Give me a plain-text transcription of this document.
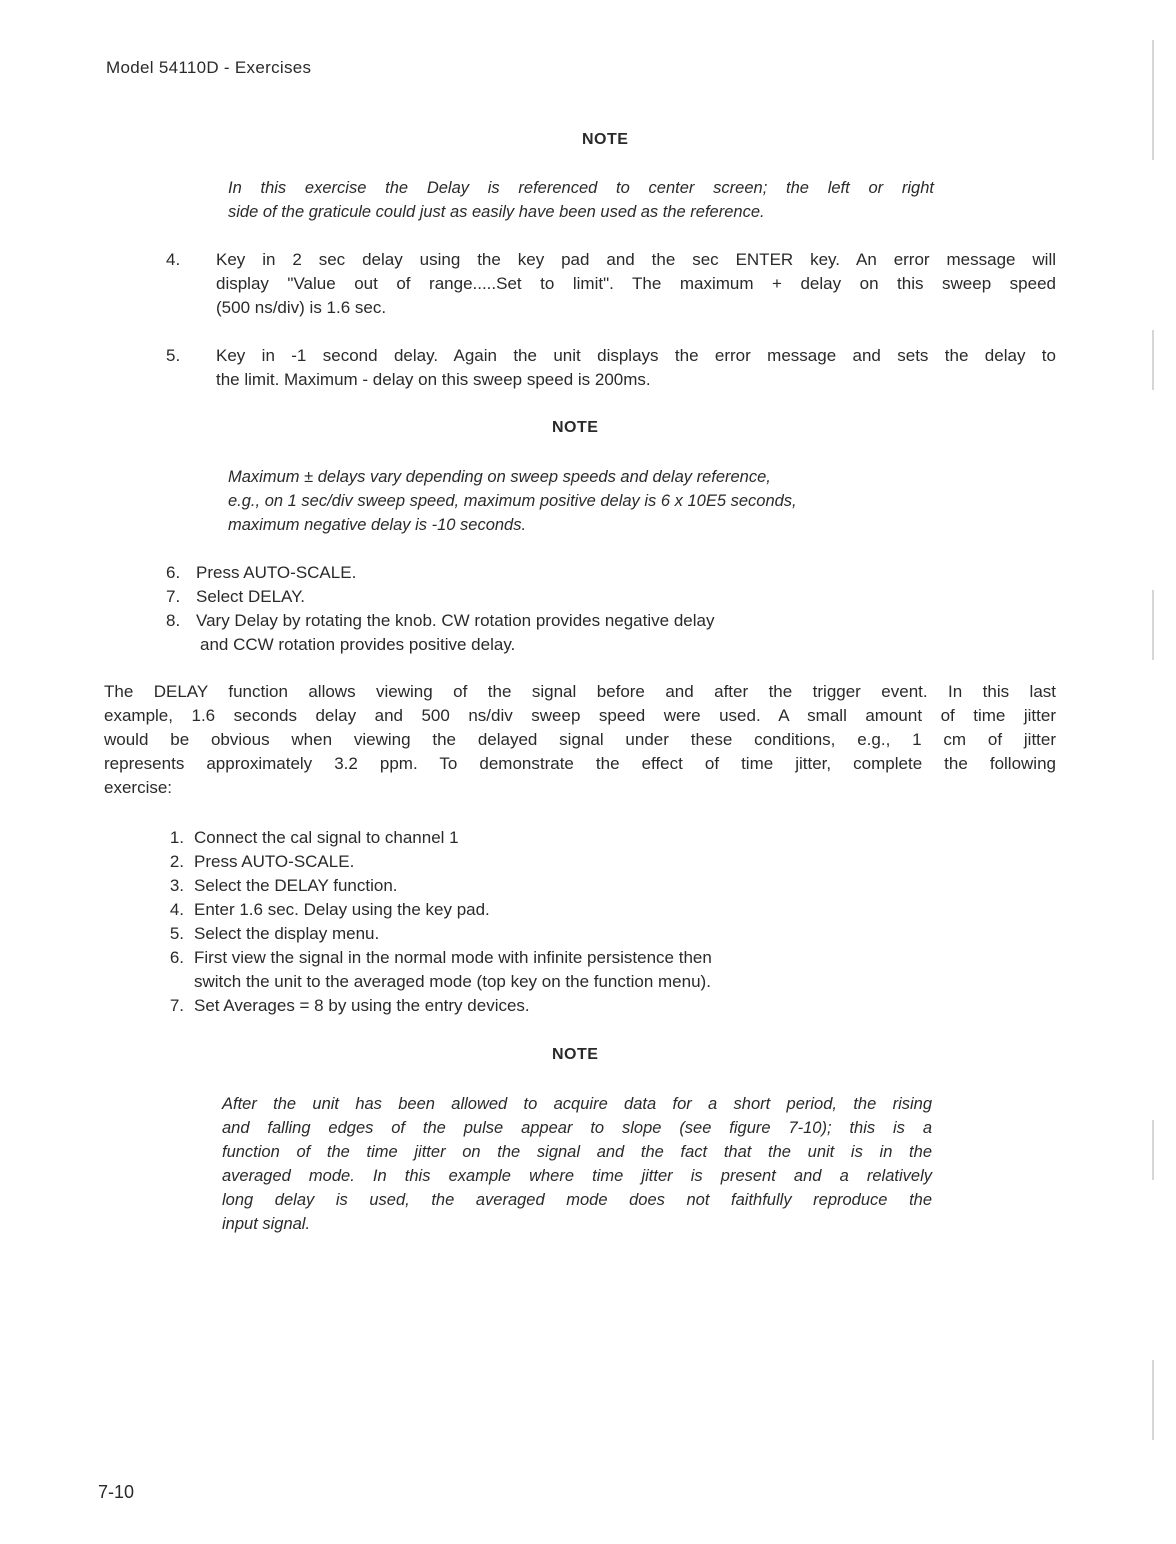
Model 54110D - Exercises
NOTE
In this exercise the Delay is referenced to center screen; the left or right
side of the graticule could just as easily have been used as the reference.
4. Key in 2 sec delay using the key pad and the sec ENTER key. An error message will
display "Value out of range.....Set to limit". The maximum + delay on this sweep speed
(500 ns/div) is 1.6 sec.
5. Key in -1 second delay. Again the unit displays the error message and sets the delay to
the limit. Maximum - delay on this sweep speed is 200ms.
NOTE
Maximum ± delays vary depending on sweep speeds and delay reference,
e.g., on 1 sec/div sweep speed, maximum positive delay is 6 x 10E5 seconds,
maximum negative delay is -10 seconds.
6. Press AUTO-SCALE.
7. Select DELAY.
8. Vary Delay by rotating the knob. CW rotation provides negative delay
and CCW rotation provides positive delay.
The DELAY function allows viewing of the signal before and after the trigger event. In this last
example, 1.6 seconds delay and 500 ns/div sweep speed were used. A small amount of time jitter
would be obvious when viewing the delayed signal under these conditions, e.g., 1 cm of jitter
represents approximately 3.2 ppm. To demonstrate the effect of time jitter, complete the following
exercise:
1. Connect the cal signal to channel 1
2. Press AUTO-SCALE.
3. Select the DELAY function.
4. Enter 1.6 sec. Delay using the key pad.
5. Select the display menu.
6. First view the signal in the normal mode with infinite persistence then
switch the unit to the averaged mode (top key on the function menu).
7. Set Averages = 8 by using the entry devices.
NOTE
After the unit has been allowed to acquire data for a short period, the rising
and falling edges of the pulse appear to slope (see figure 7-10); this is a
function of the time jitter on the signal and the fact that the unit is in the
averaged mode. In this example where time jitter is present and a relatively
long delay is used, the averaged mode does not faithfully reproduce the
input signal.
7-10
